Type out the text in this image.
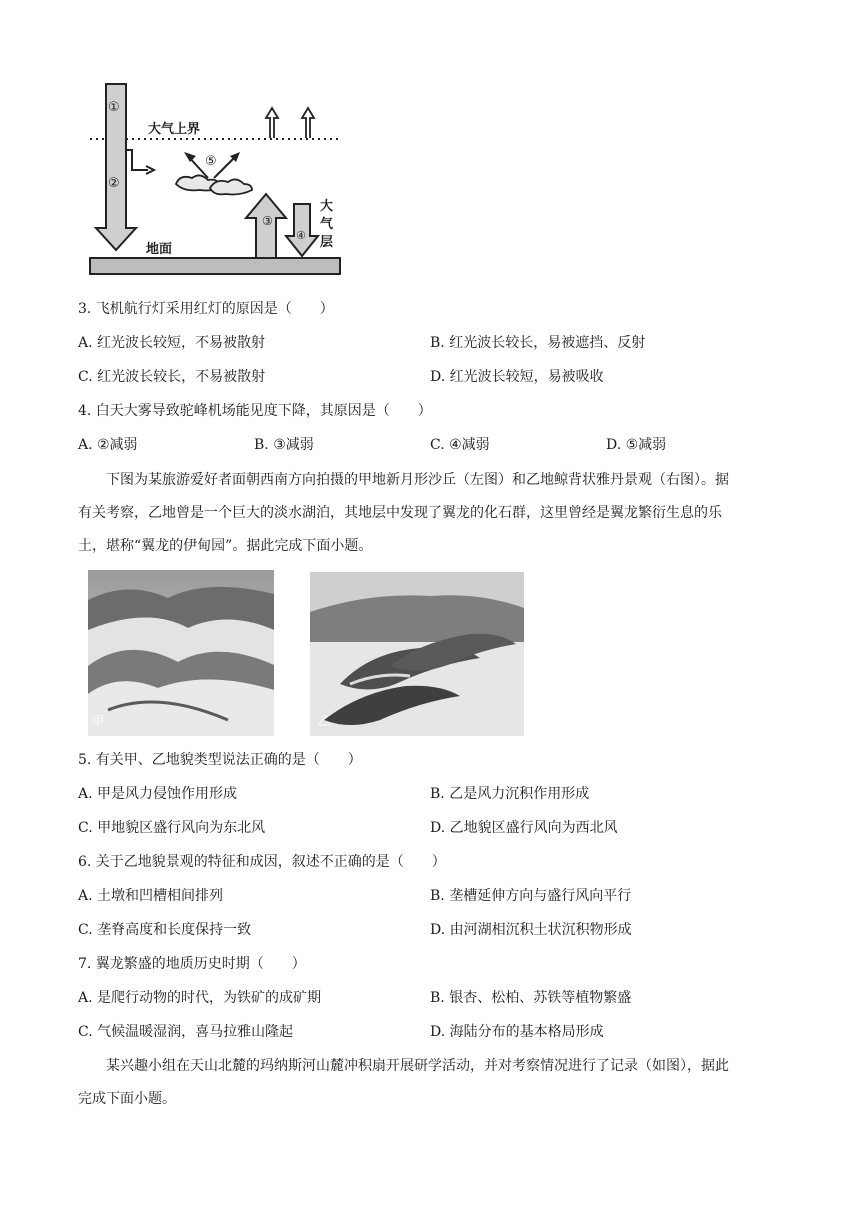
①
②
⑤
③
④
大气上界
地面
大气层
3. 飞机航行灯采用红灯的原因是（　　）
A. 红光波长较短，不易被散射	B. 红光波长较长，易被遮挡、反射
C. 红光波长较长，不易被散射	D. 红光波长较短，易被吸收
4. 白天大雾导致驼峰机场能见度下降，其原因是（　　）
A. ②减弱	B. ③减弱	C. ④减弱	D. ⑤减弱
下图为某旅游爱好者面朝西南方向拍摄的甲地新月形沙丘（左图）和乙地鲸背状雅丹景观（右图）。据
有关考察，乙地曾是一个巨大的淡水湖泊，其地层中发现了翼龙的化石群，这里曾经是翼龙繁衍生息的乐
土，堪称“翼龙的伊甸园”。据此完成下面小题。
甲	乙
5. 有关甲、乙地貌类型说法正确的是（　　）
A. 甲是风力侵蚀作用形成	B. 乙是风力沉积作用形成
C. 甲地貌区盛行风向为东北风	D. 乙地貌区盛行风向为西北风
6. 关于乙地貌景观的特征和成因，叙述不正确的是（　　）
A. 土墩和凹槽相间排列	B. 垄槽延伸方向与盛行风向平行
C. 垄脊高度和长度保持一致	D. 由河湖相沉积土状沉积物形成
7. 翼龙繁盛的地质历史时期（　　）
A. 是爬行动物的时代，为铁矿的成矿期	B. 银杏、松柏、苏铁等植物繁盛
C. 气候温暖湿润，喜马拉雅山隆起	D. 海陆分布的基本格局形成
某兴趣小组在天山北麓的玛纳斯河山麓冲积扇开展研学活动，并对考察情况进行了记录（如图），据此
完成下面小题。
